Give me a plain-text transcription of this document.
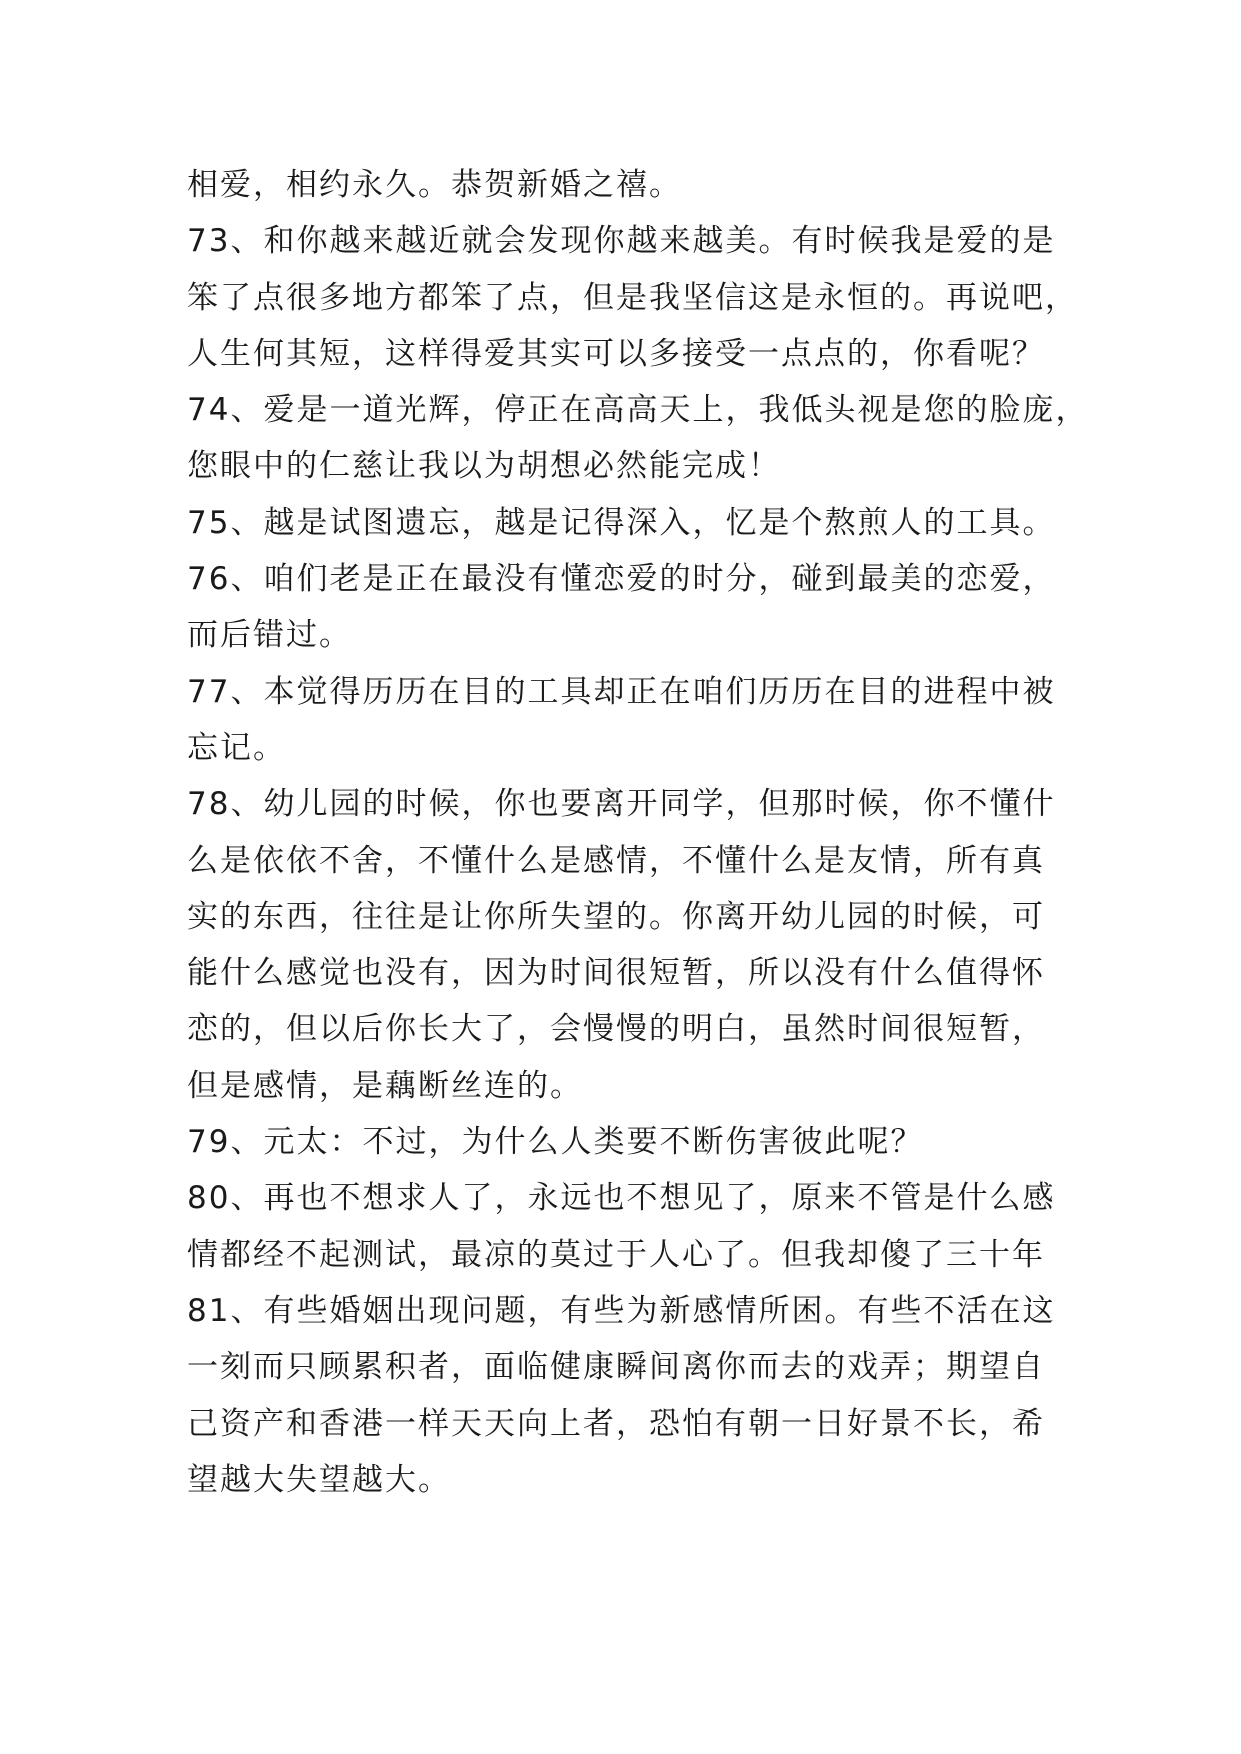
相爱，相约永久。恭贺新婚之禧。
73、和你越来越近就会发现你越来越美。有时候我是爱的是
笨了点很多地方都笨了点，但是我坚信这是永恒的。再说吧，
人生何其短，这样得爱其实可以多接受一点点的，你看呢？
74、爱是一道光辉，停正在高高天上，我低头视是您的脸庞，
您眼中的仁慈让我以为胡想必然能完成！
75、越是试图遗忘，越是记得深入，忆是个熬煎人的工具。
76、咱们老是正在最没有懂恋爱的时分，碰到最美的恋爱，
而后错过。
77、本觉得历历在目的工具却正在咱们历历在目的进程中被
忘记。
78、幼儿园的时候，你也要离开同学，但那时候，你不懂什
么是依依不舍，不懂什么是感情，不懂什么是友情，所有真
实的东西，往往是让你所失望的。你离开幼儿园的时候，可
能什么感觉也没有，因为时间很短暂，所以没有什么值得怀
恋的，但以后你长大了，会慢慢的明白，虽然时间很短暂，
但是感情，是藕断丝连的。
79、元太：不过，为什么人类要不断伤害彼此呢？
80、再也不想求人了，永远也不想见了，原来不管是什么感
情都经不起测试，最凉的莫过于人心了。但我却傻了三十年
81、有些婚姻出现问题，有些为新感情所困。有些不活在这
一刻而只顾累积者，面临健康瞬间离你而去的戏弄；期望自
己资产和香港一样天天向上者，恐怕有朝一日好景不长，希
望越大失望越大。
